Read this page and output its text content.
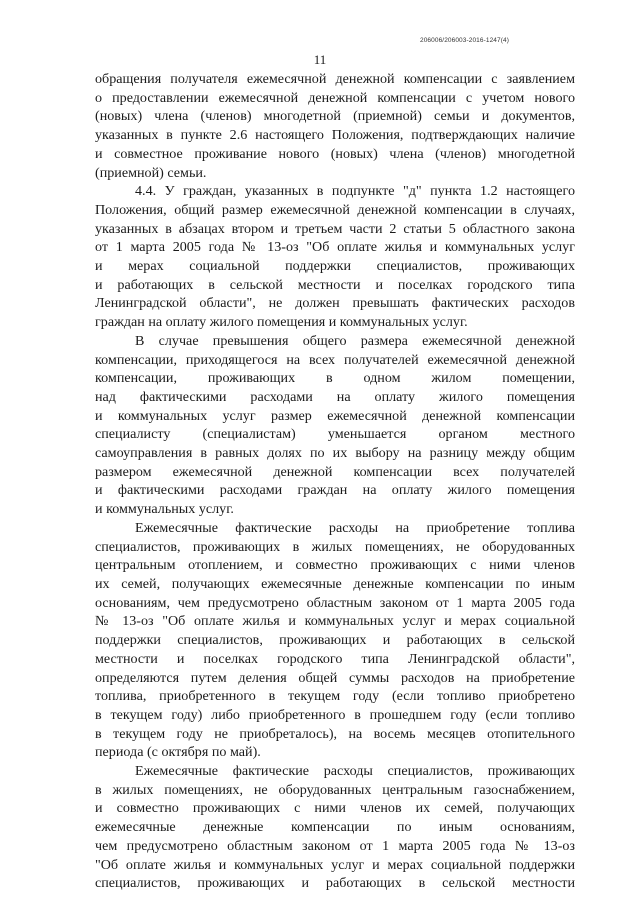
206006/206003-2016-1247(4)
11
обращения получателя ежемесячной денежной компенсации с заявлением
о предоставлении ежемесячной денежной компенсации с учетом нового
(новых) члена (членов) многодетной (приемной) семьи и документов,
указанных в пункте 2.6 настоящего Положения, подтверждающих наличие
и совместное проживание нового (новых) члена (членов) многодетной
(приемной) семьи.
4.4. У граждан, указанных в подпункте "д" пункта 1.2 настоящего
Положения, общий размер ежемесячной денежной компенсации в случаях,
указанных в абзацах втором и третьем части 2 статьи 5 областного закона
от 1 марта 2005 года № 13-оз "Об оплате жилья и коммунальных услуг
и мерах социальной поддержки специалистов, проживающих
и работающих в сельской местности и поселках городского типа
Ленинградской области", не должен превышать фактических расходов
граждан на оплату жилого помещения и коммунальных услуг.
В случае превышения общего размера ежемесячной денежной
компенсации, приходящегося на всех получателей ежемесячной денежной
компенсации, проживающих в одном жилом помещении,
над фактическими расходами на оплату жилого помещения
и коммунальных услуг размер ежемесячной денежной компенсации
специалисту (специалистам) уменьшается органом местного
самоуправления в равных долях по их выбору на разницу между общим
размером ежемесячной денежной компенсации всех получателей
и фактическими расходами граждан на оплату жилого помещения
и коммунальных услуг.
Ежемесячные фактические расходы на приобретение топлива
специалистов, проживающих в жилых помещениях, не оборудованных
центральным отоплением, и совместно проживающих с ними членов
их семей, получающих ежемесячные денежные компенсации по иным
основаниям, чем предусмотрено областным законом от 1 марта 2005 года
№ 13-оз "Об оплате жилья и коммунальных услуг и мерах социальной
поддержки специалистов, проживающих и работающих в сельской
местности и поселках городского типа Ленинградской области",
определяются путем деления общей суммы расходов на приобретение
топлива, приобретенного в текущем году (если топливо приобретено
в текущем году) либо приобретенного в прошедшем году (если топливо
в текущем году не приобреталось), на восемь месяцев отопительного
периода (с октября по май).
Ежемесячные фактические расходы специалистов, проживающих
в жилых помещениях, не оборудованных центральным газоснабжением,
и совместно проживающих с ними членов их семей, получающих
ежемесячные денежные компенсации по иным основаниям,
чем предусмотрено областным законом от 1 марта 2005 года № 13-оз
"Об оплате жилья и коммунальных услуг и мерах социальной поддержки
специалистов, проживающих и работающих в сельской местности
